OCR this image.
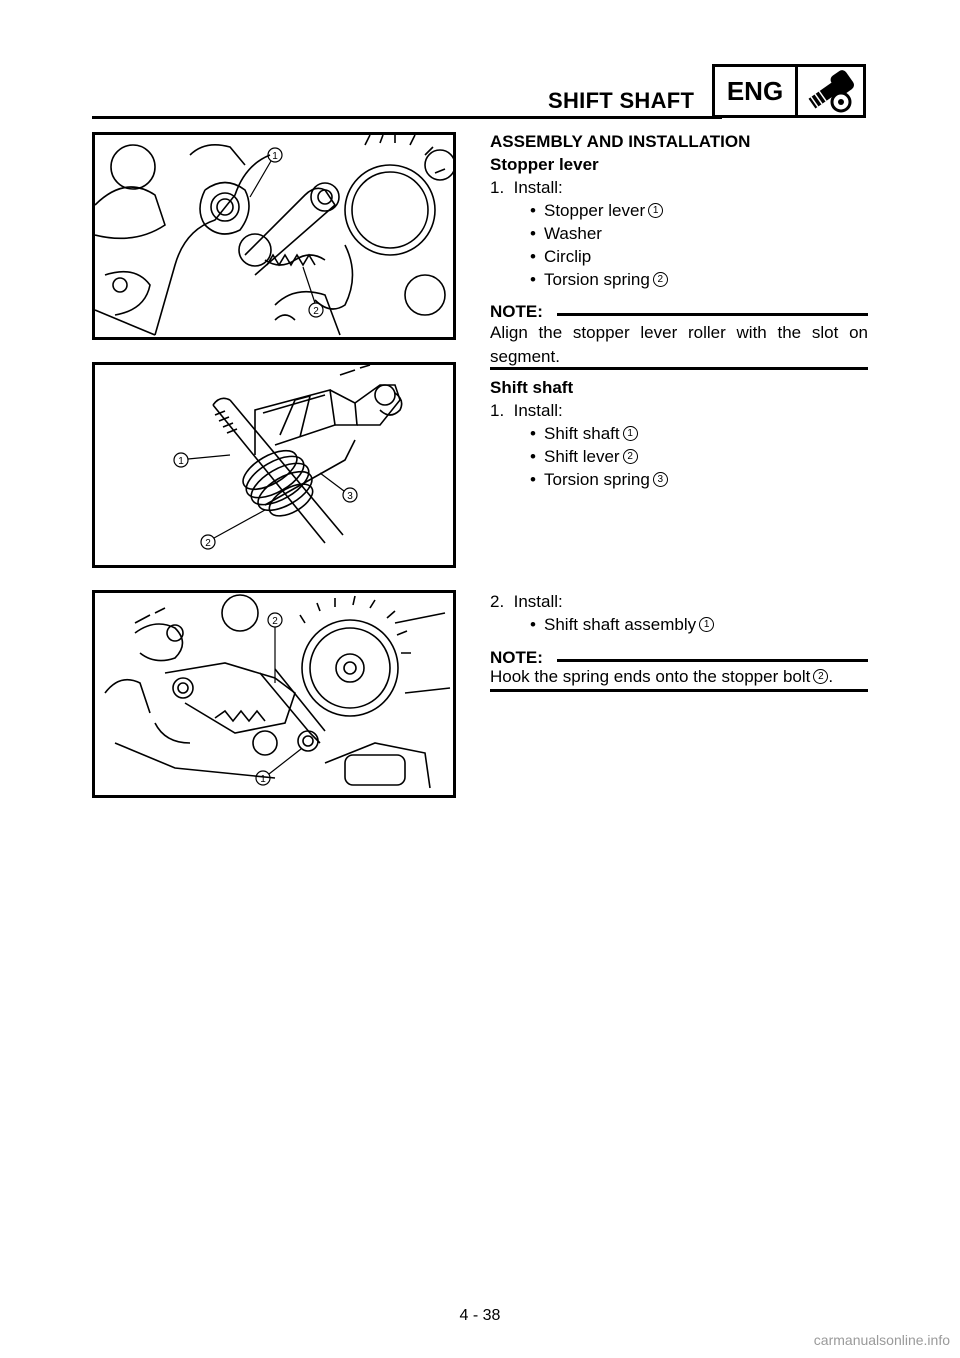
SHIFT SHAFT	ENG
1
2
1
3
2
2
1
ASSEMBLY AND INSTALLATION
Stopper lever
1.  Install:
• Stopper lever 1
• Washer
• Circlip
• Torsion spring 2
NOTE:
Align the stopper lever roller with the slot on segment.
Shift shaft
1.  Install:
• Shift shaft 1
• Shift lever 2
• Torsion spring 3
2.  Install:
• Shift shaft assembly 1
NOTE:
Hook the spring ends onto the stopper bolt 2 .
4 - 38
carmanualsonline.info
